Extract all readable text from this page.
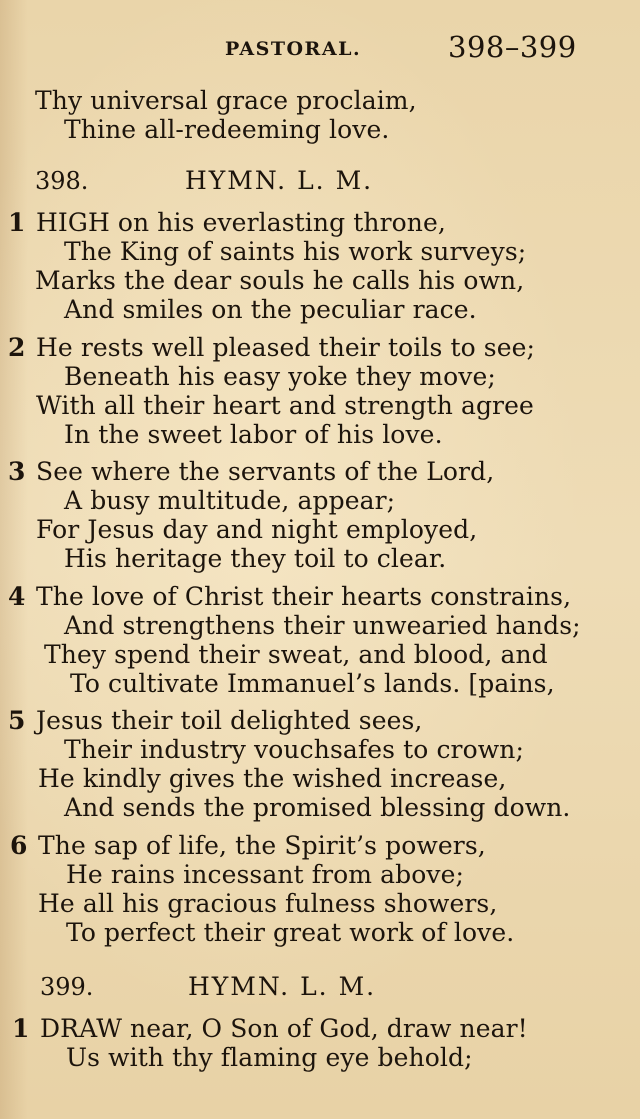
PASTORAL.	398–399
Thy universal grace proclaim,
Thine all-redeeming love.
398.	HYMN. L. M.
1 HIGH on his everlasting throne,
The King of saints his work surveys;
Marks the dear souls he calls his own,
And smiles on the peculiar race.
2 He rests well pleased their toils to see;
Beneath his easy yoke they move;
With all their heart and strength agree
In the sweet labor of his love.
3 See where the servants of the Lord,
A busy multitude, appear;
For Jesus day and night employed,
His heritage they toil to clear.
4 The love of Christ their hearts constrains,
And strengthens their unwearied hands;
They spend their sweat, and blood, and
To cultivate Immanuel’s lands. [pains,
5 Jesus their toil delighted sees,
Their industry vouchsafes to crown;
He kindly gives the wished increase,
And sends the promised blessing down.
6 The sap of life, the Spirit’s powers,
He rains incessant from above;
He all his gracious fulness showers,
To perfect their great work of love.
399.	HYMN. L. M.
1 DRAW near, O Son of God, draw near!
Us with thy flaming eye behold;
